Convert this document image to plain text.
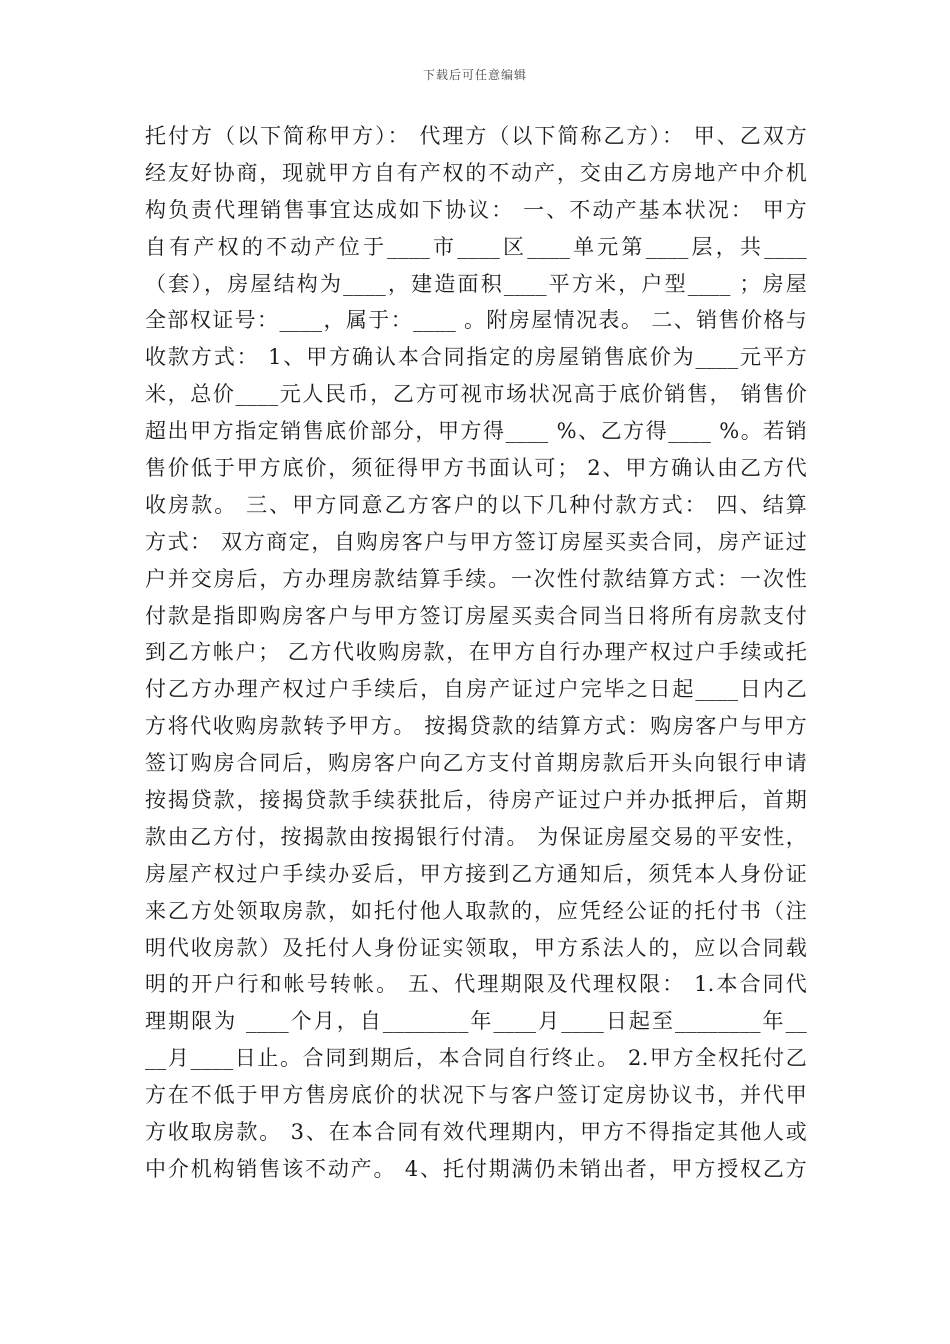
下载后可任意编辑
托付方（以下简称甲方）： 代理方（以下简称乙方）： 甲、乙双方
经友好协商，现就甲方自有产权的不动产，交由乙方房地产中介机
构负责代理销售事宜达成如下协议： 一、不动产基本状况： 甲方
自有产权的不动产位于____市____区____单元第____层，共____
（套），房屋结构为____，建造面积____平方米，户型____ ；房屋
全部权证号：____，属于：____ 。附房屋情况表。 二、销售价格与
收款方式： 1、甲方确认本合同指定的房屋销售底价为____元平方
米，总价____元人民币，乙方可视市场状况高于底价销售， 销售价
超出甲方指定销售底价部分，甲方得____ %、乙方得____ %。若销
售价低于甲方底价，须征得甲方书面认可； 2、甲方确认由乙方代
收房款。 三、甲方同意乙方客户的以下几种付款方式： 四、结算
方式： 双方商定，自购房客户与甲方签订房屋买卖合同，房产证过
户并交房后，方办理房款结算手续。一次性付款结算方式：一次性
付款是指即购房客户与甲方签订房屋买卖合同当日将所有房款支付
到乙方帐户； 乙方代收购房款，在甲方自行办理产权过户手续或托
付乙方办理产权过户手续后，自房产证过户完毕之日起____日内乙
方将代收购房款转予甲方。 按揭贷款的结算方式：购房客户与甲方
签订购房合同后，购房客户向乙方支付首期房款后开头向银行申请
按揭贷款，接揭贷款手续获批后，待房产证过户并办抵押后，首期
款由乙方付，按揭款由按揭银行付清。 为保证房屋交易的平安性，
房屋产权过户手续办妥后，甲方接到乙方通知后，须凭本人身份证
来乙方处领取房款，如托付他人取款的，应凭经公证的托付书（注
明代收房款）及托付人身份证实领取，甲方系法人的，应以合同载
明的开户行和帐号转帐。 五、代理期限及代理权限： 1.本合同代
理期限为 ____个月，自________年____月____日起至________年__
__月____日止。合同到期后，本合同自行终止。 2.甲方全权托付乙
方在不低于甲方售房底价的状况下与客户签订定房协议书，并代甲
方收取房款。 3、在本合同有效代理期内，甲方不得指定其他人或
中介机构销售该不动产。 4、托付期满仍未销出者，甲方授权乙方
